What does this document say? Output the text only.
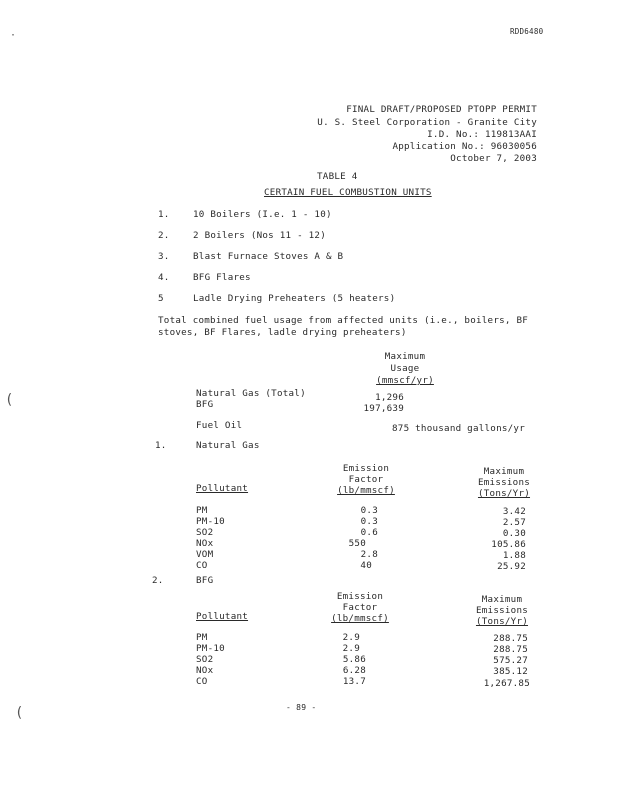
·
(
(
RDD6480
FINAL DRAFT/PROPOSED PTOPP PERMIT
U. S. Steel Corporation - Granite City
I.D. No.: 119813AAI
Application No.: 96030056
October 7, 2003
TABLE 4
CERTAIN FUEL COMBUSTION UNITS
1.	10 Boilers (I.e. 1 - 10)
2.	2 Boilers (Nos 11 - 12)
3.	Blast Furnace Stoves A & B
4.	BFG Flares
5	Ladle Drying Preheaters (5 heaters)
Total combined fuel usage from affected units (i.e., boilers, BF
stoves, BF Flares, ladle drying preheaters)
Maximum
Usage
(mmscf/yr)
Natural Gas (Total)	1,296
BFG	197,639
Fuel Oil	875 thousand gallons/yr
1.	Natural Gas
Emission
Factor
(lb/mmscf)
Maximum
Emissions
(Tons/Yr)
Pollutant
PM	0.3	3.42
PM-10	0.3	2.57
SO2	0.6	0.30
NOx	550	105.86
VOM	2.8	1.88
CO	40	25.92
2.	BFG
Emission
Factor
(lb/mmscf)
Maximum
Emissions
(Tons/Yr)
Pollutant
PM	2.9	288.75
PM-10	2.9	288.75
SO2	5.86	575.27
NOx	6.28	385.12
CO	13.7	1,267.85
- 89 -
